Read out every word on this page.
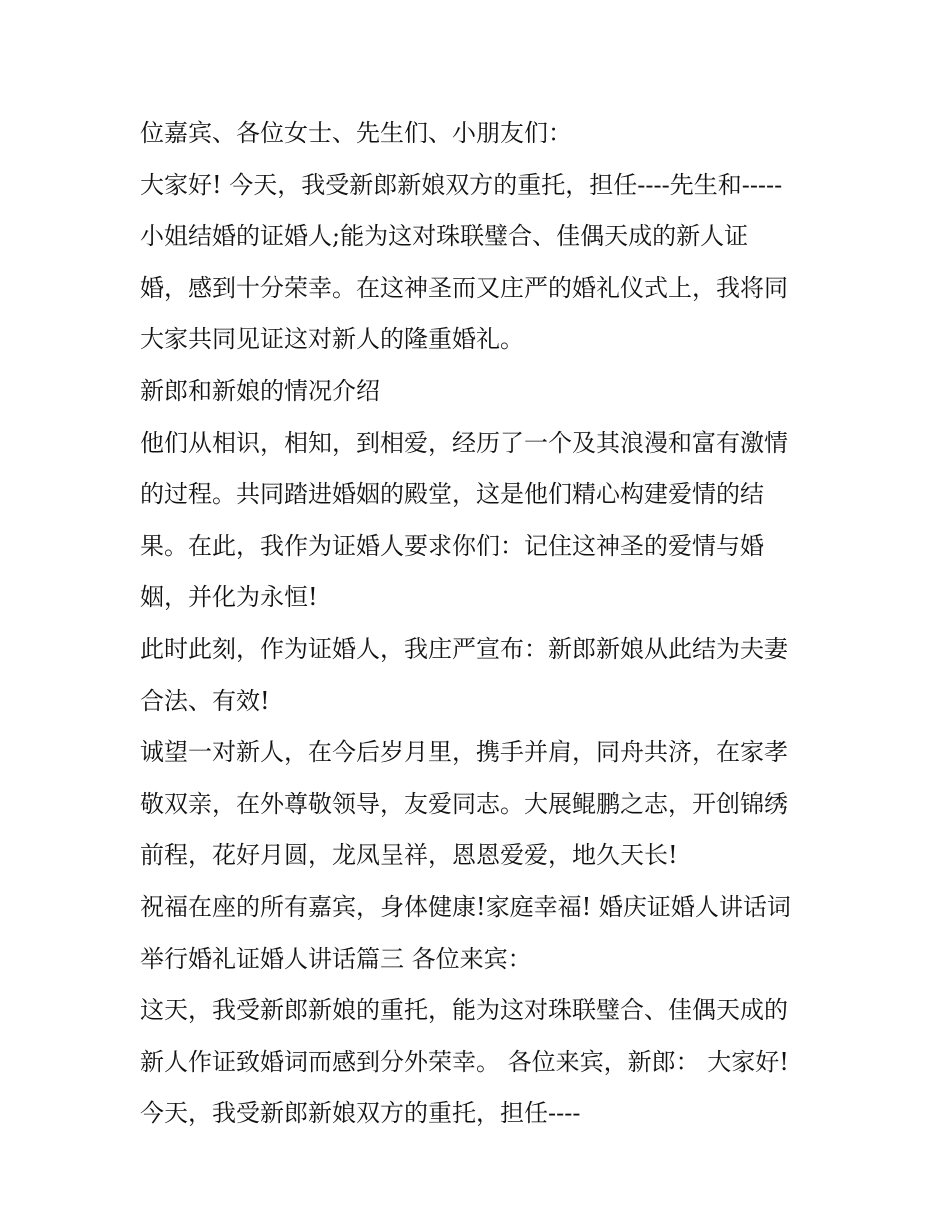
位嘉宾、各位女士、先生们、小朋友们：
大家好! 今天，我受新郎新娘双方的重托，担任----先生和-----
小姐结婚的证婚人;能为这对珠联璧合、佳偶天成的新人证
婚，感到十分荣幸。在这神圣而又庄严的婚礼仪式上，我将同
大家共同见证这对新人的隆重婚礼。
新郎和新娘的情况介绍
他们从相识，相知，到相爱，经历了一个及其浪漫和富有激情
的过程。共同踏进婚姻的殿堂，这是他们精心构建爱情的结
果。在此，我作为证婚人要求你们：记住这神圣的爱情与婚
姻，并化为永恒!
此时此刻，作为证婚人，我庄严宣布：新郎新娘从此结为夫妻
合法、有效!
诚望一对新人，在今后岁月里，携手并肩，同舟共济，在家孝
敬双亲，在外尊敬领导，友爱同志。大展鲲鹏之志，开创锦绣
前程，花好月圆，龙凤呈祥，恩恩爱爱，地久天长!
祝福在座的所有嘉宾，身体健康!家庭幸福! 婚庆证婚人讲话词
举行婚礼证婚人讲话篇三 各位来宾：
这天，我受新郎新娘的重托，能为这对珠联璧合、佳偶天成的
新人作证致婚词而感到分外荣幸。 各位来宾，新郎： 大家好!
今天，我受新郎新娘双方的重托，担任----
